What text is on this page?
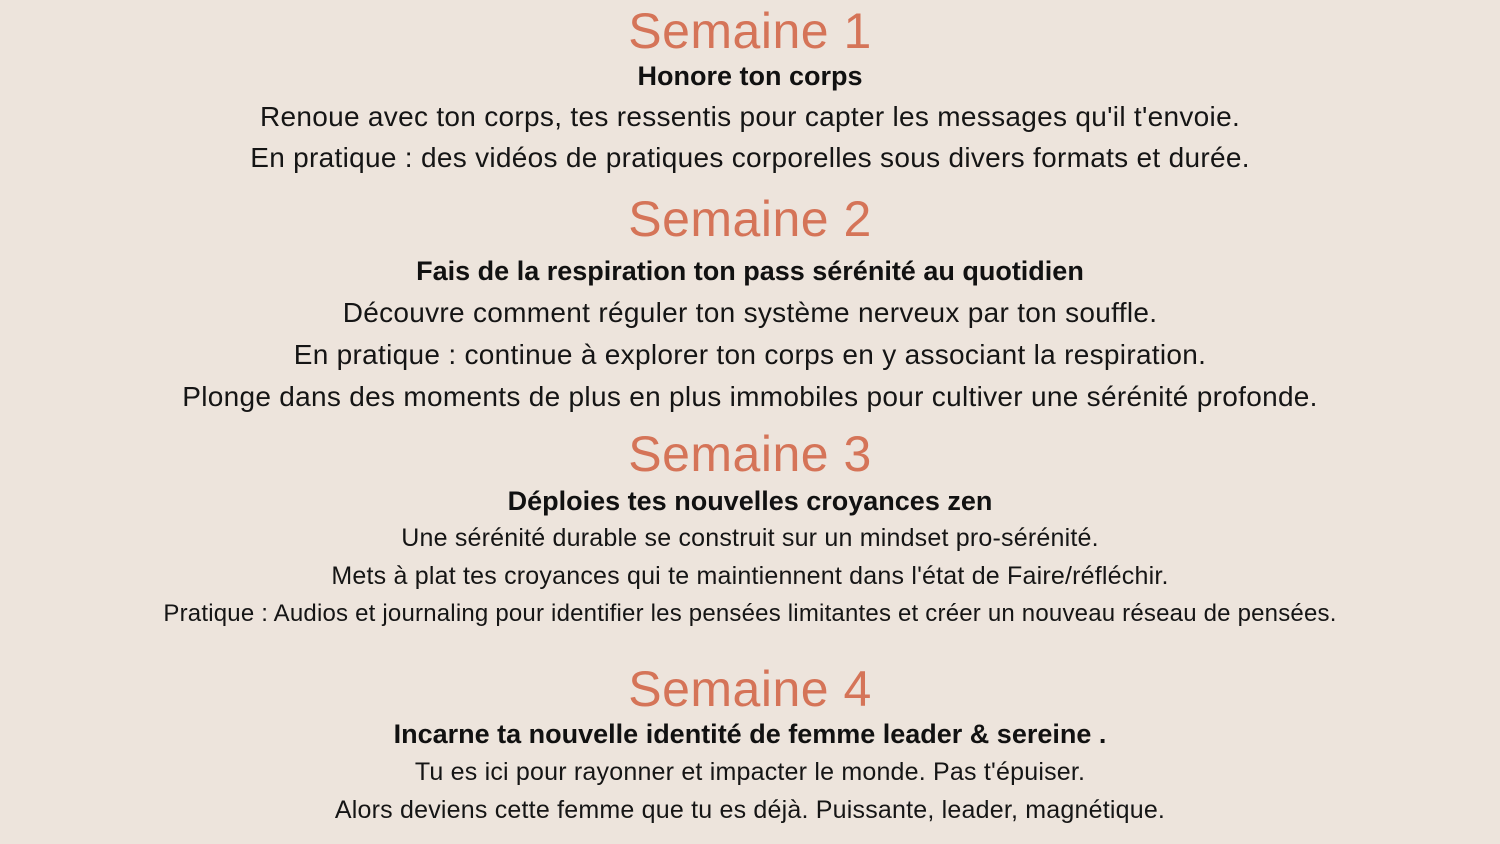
Semaine 1
Honore ton corps
Renoue avec ton corps, tes ressentis pour capter les messages qu'il t'envoie.
En pratique : des vidéos de pratiques corporelles sous divers formats et durée.
Semaine 2
Fais de la respiration ton pass sérénité au quotidien
Découvre comment réguler ton système nerveux par ton souffle.
En pratique : continue à explorer ton corps en y associant la respiration.
Plonge dans des moments de plus en plus immobiles pour cultiver une sérénité profonde.
Semaine 3
Déploies tes nouvelles croyances zen
Une sérénité durable se construit sur un mindset pro-sérénité.
Mets à plat tes croyances qui te maintiennent dans l'état de Faire/réfléchir.
Pratique : Audios et journaling pour identifier les pensées limitantes et créer un nouveau réseau de pensées.
Semaine 4
Incarne ta nouvelle identité de femme leader & sereine .
Tu es ici pour rayonner et impacter le monde. Pas t'épuiser.
Alors deviens cette femme que tu es déjà. Puissante, leader, magnétique.
